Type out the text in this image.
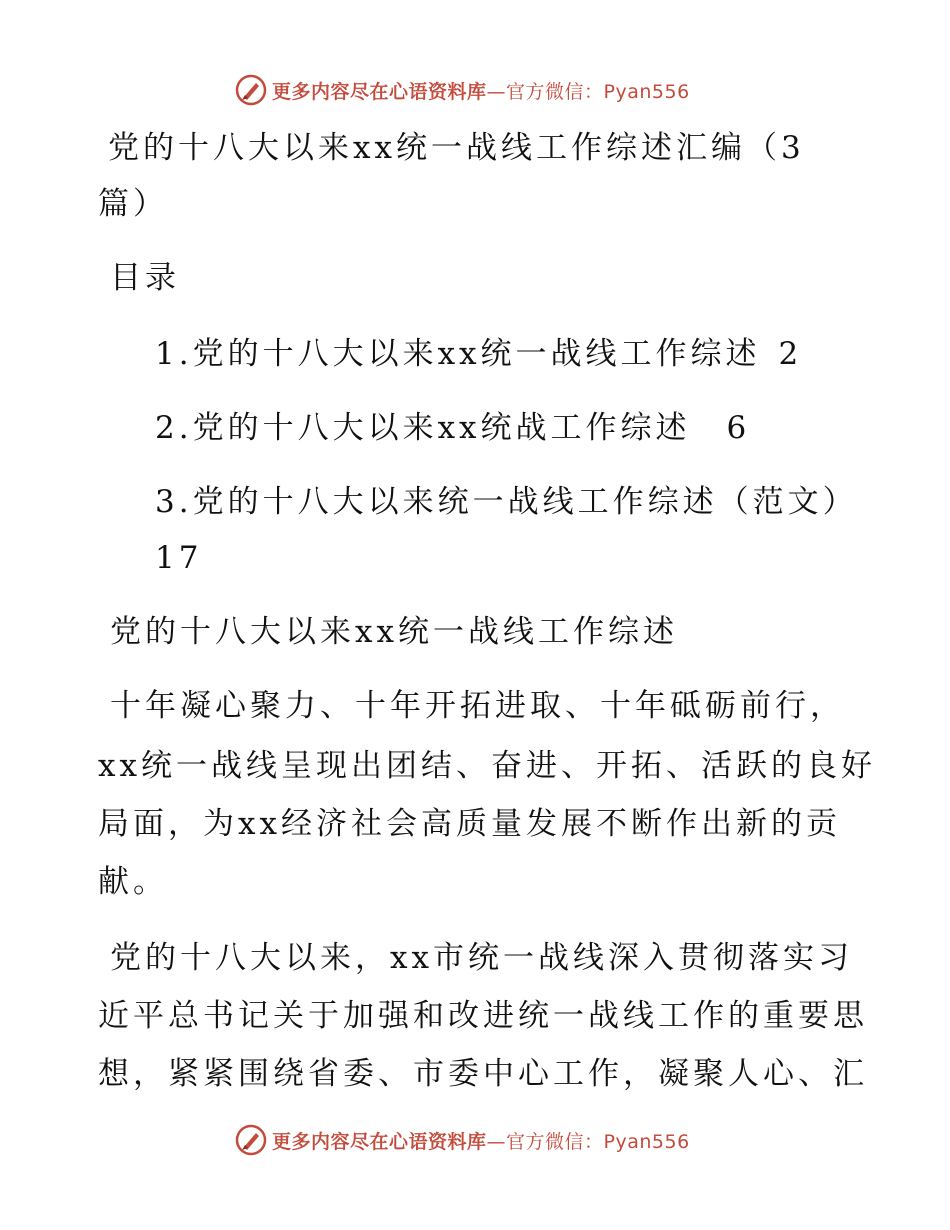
更多内容尽在心语资料库—官方微信：Pyan556
党的十八大以来xx统一战线工作综述汇编（3
篇）
目录
1.党的十八大以来xx统一战线工作综述 2
2.党的十八大以来xx统战工作综述 6
3.党的十八大以来统一战线工作综述（范文）
17
党的十八大以来xx统一战线工作综述
十年凝心聚力、十年开拓进取、十年砥砺前行，
xx统一战线呈现出团结、奋进、开拓、活跃的良好
局面，为xx经济社会高质量发展不断作出新的贡
献。
党的十八大以来，xx市统一战线深入贯彻落实习
近平总书记关于加强和改进统一战线工作的重要思
想，紧紧围绕省委、市委中心工作，凝聚人心、汇
更多内容尽在心语资料库—官方微信：Pyan556
